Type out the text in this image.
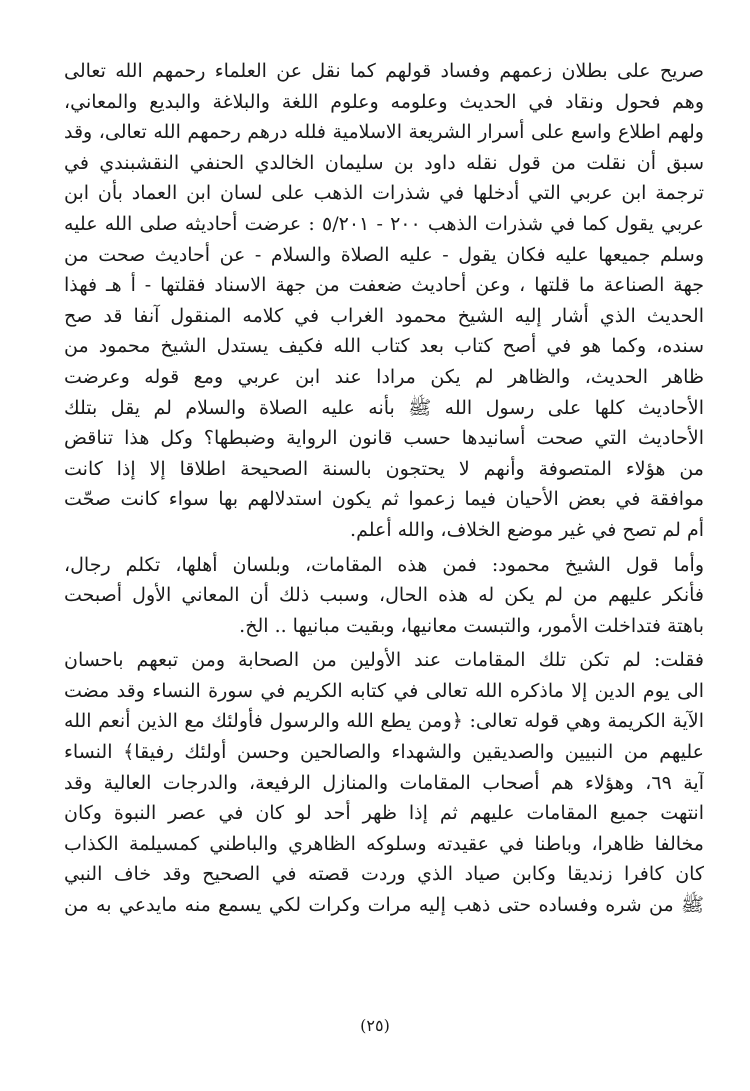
صريح على بطلان زعمهم وفساد قولهم كما نقل عن العلماء رحمهم الله تعالى
وهم فحول ونقاد في الحديث وعلومه وعلوم اللغة والبلاغة والبديع والمعاني،
ولهم اطلاع واسع على أسرار الشريعة الاسلامية فلله درهم رحمهم الله تعالى، وقد
سبق أن نقلت من قول نقله داود بن سليمان الخالدي الحنفي النقشبندي في
ترجمة ابن عربي التي أدخلها في شذرات الذهب على لسان ابن العماد بأن ابن
عربي يقول كما في شذرات الذهب ٢٠٠ - ٥/٢٠١ : عرضت أحاديثه صلى الله عليه
وسلم جميعها عليه فكان يقول - عليه الصلاة والسلام - عن أحاديث صحت من
جهة الصناعة ما قلتها ، وعن أحاديث ضعفت من جهة الاسناد فقلتها - أ هـ فهذا
الحديث الذي أشار إليه الشيخ محمود الغراب في كلامه المنقول آنفا قد صح
سنده، وكما هو في أصح كتاب بعد كتاب الله فكيف يستدل الشيخ محمود من
ظاهر الحديث، والظاهر لم يكن مرادا عند ابن عربي ومع قوله وعرضت
الأحاديث كلها على رسول الله ﷺ بأنه عليه الصلاة والسلام لم يقل بتلك
الأحاديث التي صحت أسانيدها حسب قانون الرواية وضبطها؟ وكل هذا تناقض
من هؤلاء المتصوفة وأنهم لا يحتجون بالسنة الصحيحة اطلاقا إلا إذا كانت
موافقة في بعض الأحيان فيما زعموا ثم يكون استدلالهم بها سواء كانت صحّت
أم لم تصح في غير موضع الخلاف، والله أعلم.
وأما قول الشيخ محمود: فمن هذه المقامات، وبلسان أهلها، تكلم رجال،
فأنكر عليهم من لم يكن له هذه الحال، وسبب ذلك أن المعاني الأول أصبحت
باهتة فتداخلت الأمور، والتبست معانيها، وبقيت مبانيها .. الخ.
فقلت: لم تكن تلك المقامات عند الأولين من الصحابة ومن تبعهم باحسان
الى يوم الدين إلا ماذكره الله تعالى في كتابه الكريم في سورة النساء وقد مضت
الآية الكريمة وهي قوله تعالى: ﴿ومن يطع الله والرسول فأولئك مع الذين أنعم الله
عليهم من النبيين والصديقين والشهداء والصالحين وحسن أولئك رفيقا﴾ النساء
آية ٦٩، وهؤلاء هم أصحاب المقامات والمنازل الرفيعة، والدرجات العالية وقد
انتهت جميع المقامات عليهم ثم إذا ظهر أحد لو كان في عصر النبوة وكان
مخالفا ظاهرا، وباطنا في عقيدته وسلوكه الظاهري والباطني كمسيلمة الكذاب
كان كافرا زنديقا وكابن صياد الذي وردت قصته في الصحيح وقد خاف النبي
ﷺ من شره وفساده حتى ذهب إليه مرات وكرات لكي يسمع منه مايدعي به من
(٢٥)
